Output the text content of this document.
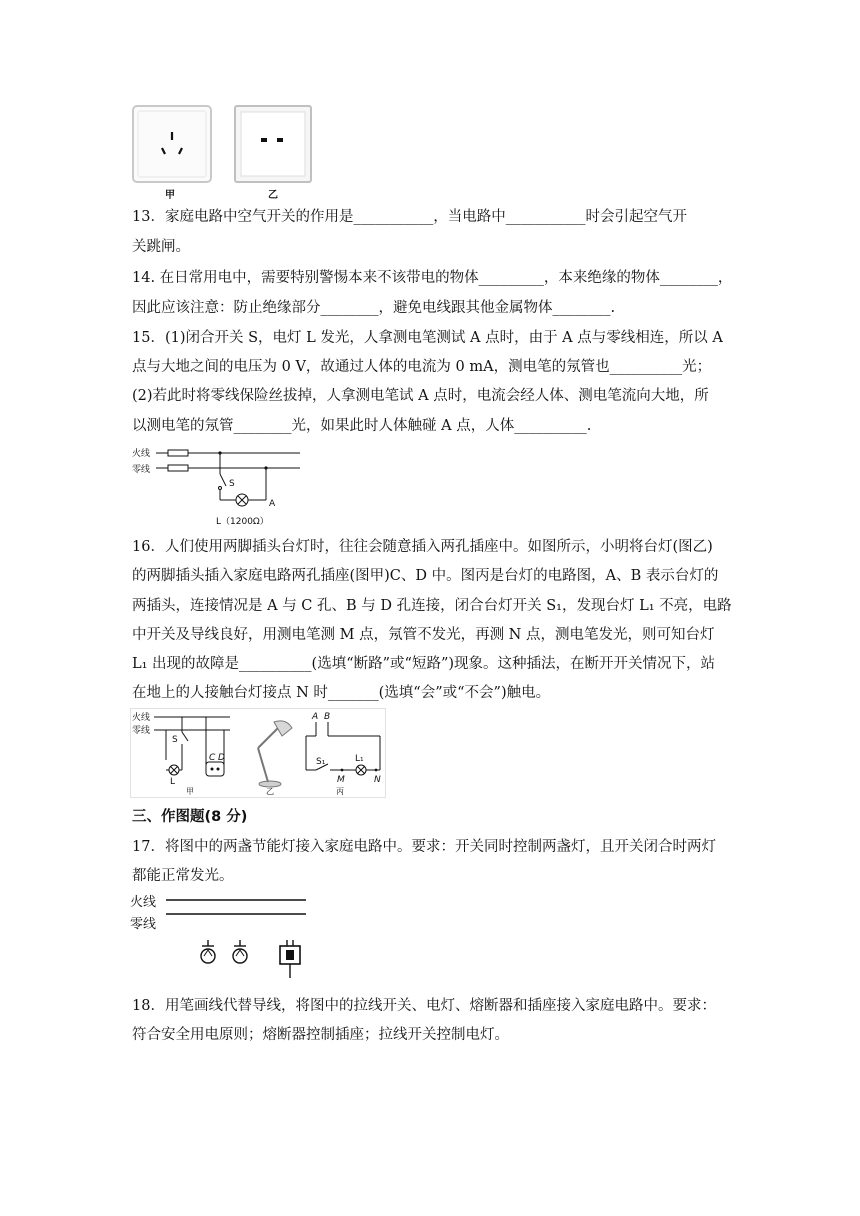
甲	乙
13．家庭电路中空气开关的作用是___________，当电路中___________时会引起空气开
关跳闸。
14. 在日常用电中，需要特别警惕本来不该带电的物体_________，本来绝缘的物体________，
因此应该注意：防止绝缘部分________，避免电线跟其他金属物体________.
15．(1)闭合开关 S，电灯 L 发光，人拿测电笔测试 A 点时，由于 A 点与零线相连，所以 A
点与大地之间的电压为 0 V，故通过人体的电流为 0 mA，测电笔的氖管也__________光；
(2)若此时将零线保险丝拔掉，人拿测电笔试 A 点时，电流会经人体、测电笔流向大地，所
以测电笔的氖管________光，如果此时人体触碰 A 点，人体__________.
火线
零线
S
A
L（1200Ω）
16．人们使用两脚插头台灯时，往往会随意插入两孔插座中。如图所示，小明将台灯(图乙)
的两脚插头插入家庭电路两孔插座(图甲)C、D 中。图丙是台灯的电路图，A、B 表示台灯的
两插头，连接情况是 A 与 C 孔、B 与 D 孔连接，闭合台灯开关 S₁，发现台灯 L₁ 不亮，电路
中开关及导线良好，用测电笔测 M 点，氖管不发光，再测 N 点，测电笔发光，则可知台灯
L₁ 出现的故障是__________(选填“断路”或“短路”)现象。这种插法，在断开开关情况下，站
在地上的人接触台灯接点 N 时_______(选填“会”或“不会”)触电。
火线
零线
S
L
C D
甲	乙
A B
S₁
M
L₁
N
丙
三、作图题(8 分)
17．将图中的两盏节能灯接入家庭电路中。要求：开关同时控制两盏灯，且开关闭合时两灯
都能正常发光。
火线
零线
18．用笔画线代替导线，将图中的拉线开关、电灯、熔断器和插座接入家庭电路中。要求：
符合安全用电原则；熔断器控制插座；拉线开关控制电灯。
